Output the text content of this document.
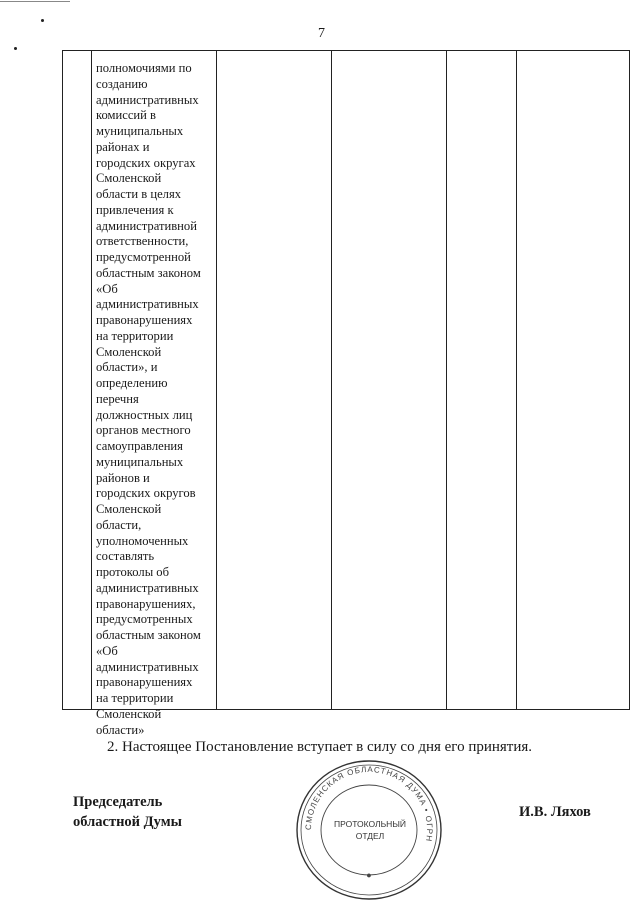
7
полномочиями по
созданию
административных
комиссий в
муниципальных
районах и
городских округах
Смоленской
области в целях
привлечения к
административной
ответственности,
предусмотренной
областным законом
«Об
административных
правонарушениях
на территории
Смоленской
области», и
определению
перечня
должностных лиц
органов местного
самоуправления
муниципальных
районов и
городских округов
Смоленской
области,
уполномоченных
составлять
протоколы об
административных
правонарушениях,
предусмотренных
областным законом
«Об
административных
правонарушениях
на территории
Смоленской
области»
2. Настоящее Постановление вступает в силу со дня его принятия.
Председатель
областной Думы
И.В. Ляхов
СМОЛЕНСКАЯ ОБЛАСТНАЯ ДУМА • ОГРН
●
ПРОТОКОЛЬНЫЙ
ОТДЕЛ
